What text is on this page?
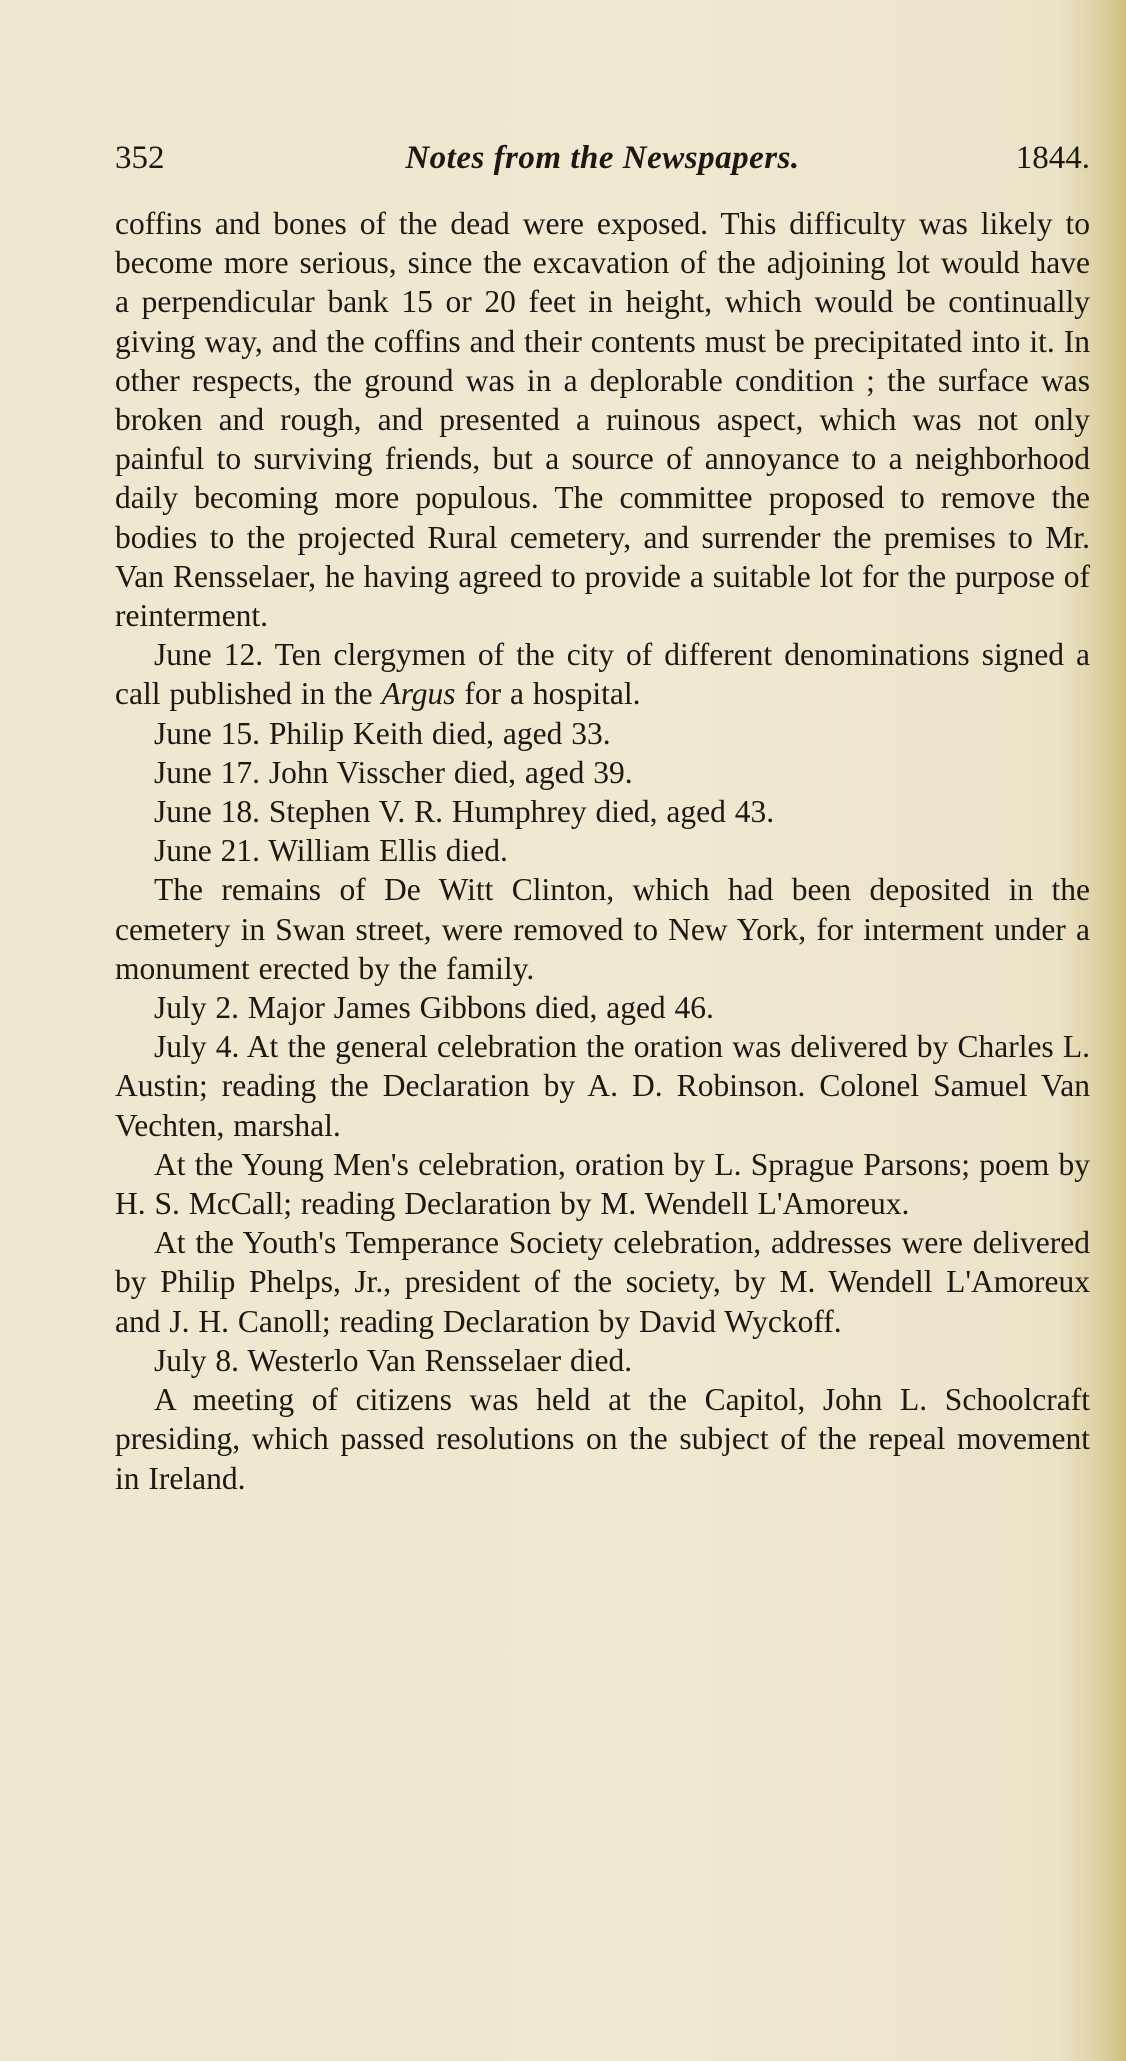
352	Notes from the Newspapers.	1844.

coffins and bones of the dead were exposed. This difficulty was likely to become more serious, since the excavation of the adjoining lot would have a perpendicular bank 15 or 20 feet in height, which would be continually giving way, and the coffins and their contents must be precipitated into it. In other respects, the ground was in a deplorable condition ; the surface was broken and rough, and presented a ruinous aspect, which was not only painful to surviving friends, but a source of annoyance to a neighborhood daily becoming more populous. The committee proposed to remove the bodies to the projected Rural cemetery, and surrender the premises to Mr. Van Rensselaer, he having agreed to provide a suitable lot for the purpose of reinterment.

June 12. Ten clergymen of the city of different denominations signed a call published in the Argus for a hospital.

June 15. Philip Keith died, aged 33.

June 17. John Visscher died, aged 39.

June 18. Stephen V. R. Humphrey died, aged 43.

June 21. William Ellis died.

The remains of De Witt Clinton, which had been deposited in the cemetery in Swan street, were removed to New York, for interment under a monument erected by the family.

July 2. Major James Gibbons died, aged 46.

July 4. At the general celebration the oration was delivered by Charles L. Austin; reading the Declaration by A. D. Robinson. Colonel Samuel Van Vechten, marshal.

At the Young Men's celebration, oration by L. Sprague Parsons; poem by H. S. McCall; reading Declaration by M. Wendell L'Amoreux.

At the Youth's Temperance Society celebration, addresses were delivered by Philip Phelps, Jr., president of the society, by M. Wendell L'Amoreux and J. H. Canoll; reading Declaration by David Wyckoff.

July 8. Westerlo Van Rensselaer died.

A meeting of citizens was held at the Capitol, John L. Schoolcraft presiding, which passed resolutions on the subject of the repeal movement in Ireland.
